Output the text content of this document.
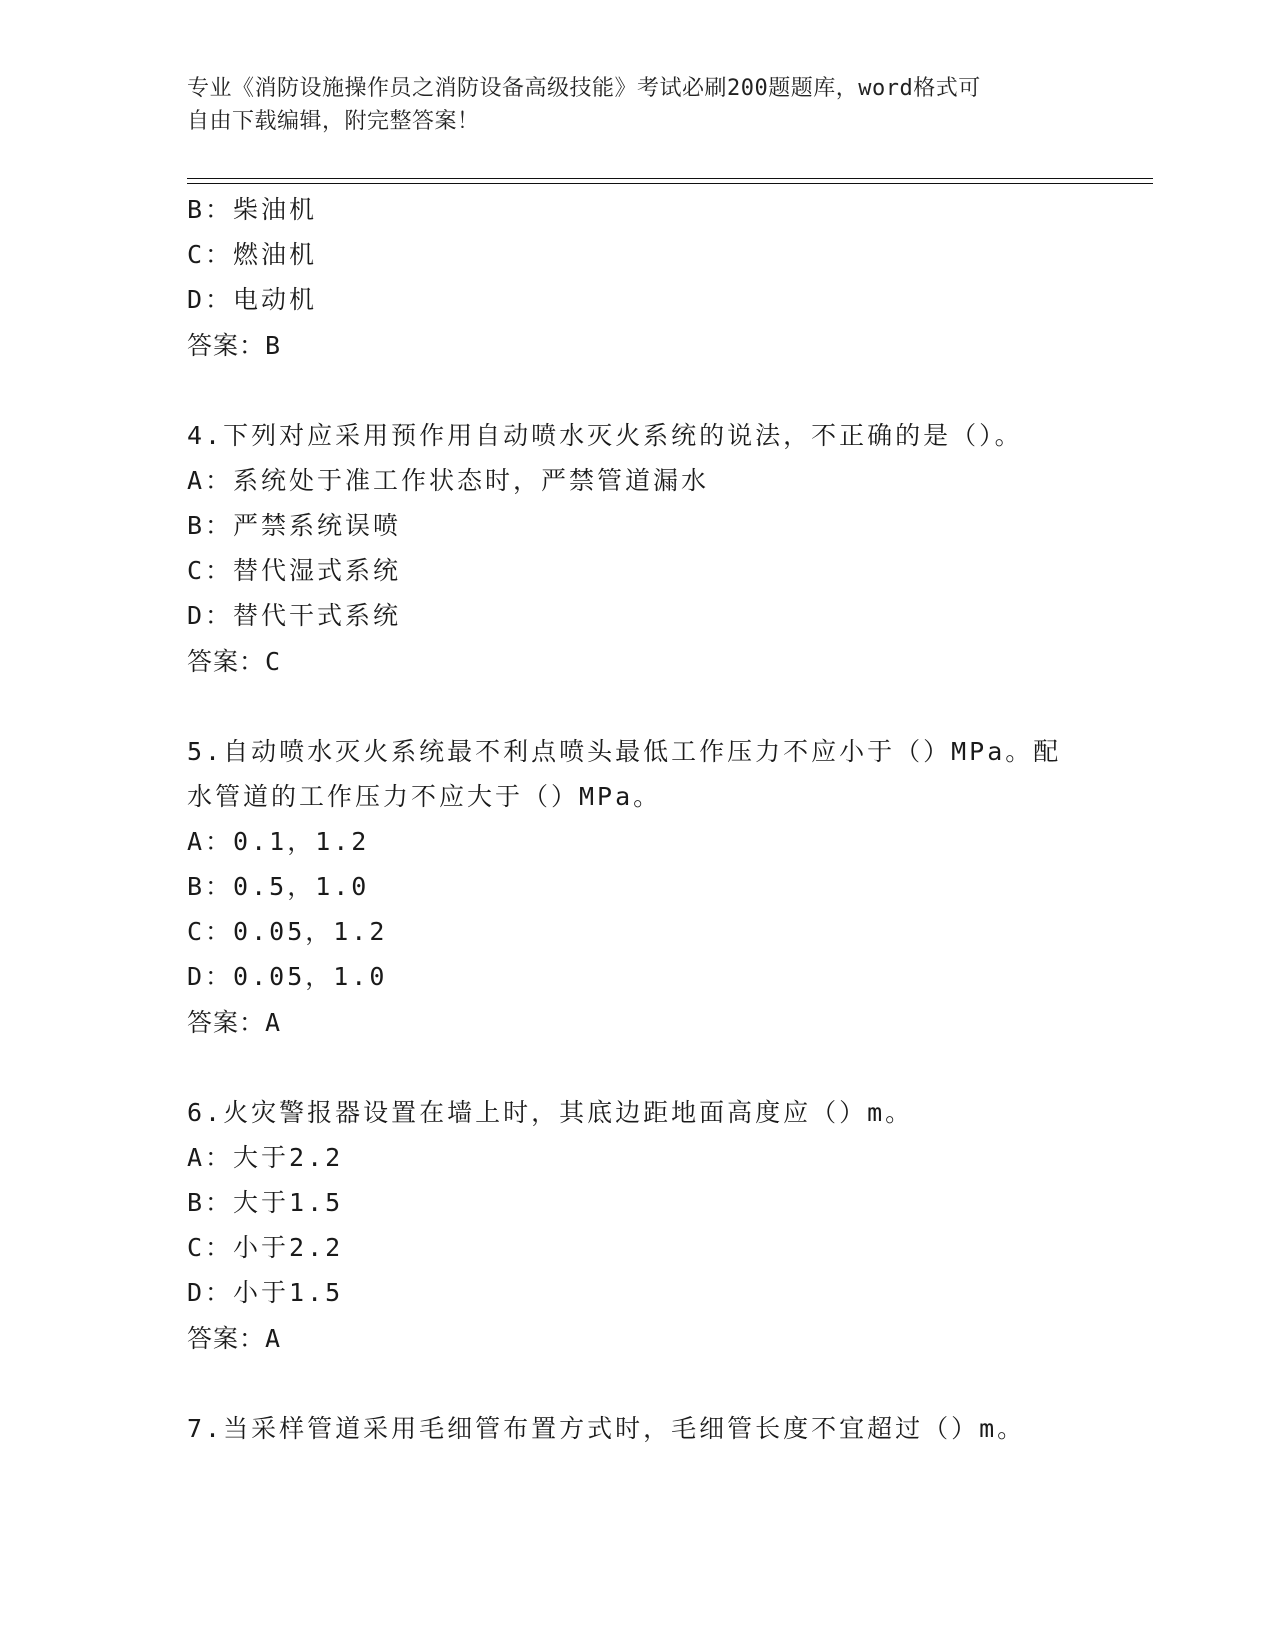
专业《消防设施操作员之消防设备高级技能》考试必刷200题题库，word格式可
自由下载编辑，附完整答案！
B：柴油机
C：燃油机
D：电动机
答案：B
4.下列对应采用预作用自动喷水灭火系统的说法，不正确的是（）。
A：系统处于准工作状态时，严禁管道漏水
B：严禁系统误喷
C：替代湿式系统
D：替代干式系统
答案：C
5.自动喷水灭火系统最不利点喷头最低工作压力不应小于（）MPa。配
水管道的工作压力不应大于（）MPa。
A：0.1，1.2
B：0.5，1.0
C：0.05，1.2
D：0.05，1.0
答案：A
6.火灾警报器设置在墙上时，其底边距地面高度应（）m。
A：大于2.2
B：大于1.5
C：小于2.2
D：小于1.5
答案：A
7.当采样管道采用毛细管布置方式时，毛细管长度不宜超过（）m。
